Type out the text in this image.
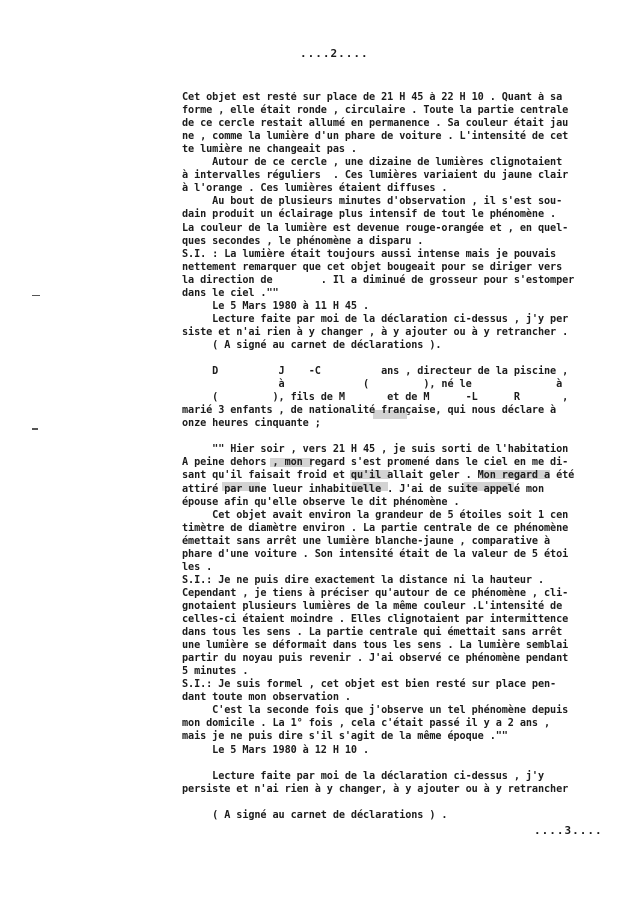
....2....
Cet objet est resté sur place de 21 H 45 à 22 H 10 . Quant à sa
forme , elle était ronde , circulaire . Toute la partie centrale
de ce cercle restait allumé en permanence . Sa couleur était jau
ne , comme la lumière d'un phare de voiture . L'intensité de cet
te lumière ne changeait pas .
Autour de ce cercle , une dizaine de lumières clignotaient
à intervalles réguliers  . Ces lumières variaient du jaune clair
à l'orange . Ces lumières étaient diffuses .
Au bout de plusieurs minutes d'observation , il s'est sou-
dain produit un éclairage plus intensif de tout le phénomène .
La couleur de la lumière est devenue rouge-orangée et , en quel-
ques secondes , le phénomène a disparu .
S.I. : La lumière était toujours aussi intense mais je pouvais
nettement remarquer que cet objet bougeait pour se diriger vers
la direction de        . Il a diminué de grosseur pour s'estomper
dans le ciel .""
Le 5 Mars 1980 à 11 H 45 .
Lecture faite par moi de la déclaration ci-dessus , j'y per
siste et n'ai rien à y changer , à y ajouter ou à y retrancher .
( A signé au carnet de déclarations ).
D          J    -C          ans , directeur de la piscine ,
à             (         ), né le              à
(         ), fils de M       et de M      -L      R       ,
marié 3 enfants , de nationalité française, qui nous déclare à
onze heures cinquante ;
"" Hier soir , vers 21 H 45 , je suis sorti de l'habitation
A peine dehors , mon regard s'est promené dans le ciel en me di-
sant qu'il faisait froid et qu'il allait geler . Mon regard a été
attiré par une lueur inhabituelle . J'ai de suite appelé mon
épouse afin qu'elle observe le dit phénomène .
Cet objet avait environ la grandeur de 5 étoiles soit 1 cen
timètre de diamètre environ . La partie centrale de ce phénomène
émettait sans arrêt une lumière blanche-jaune , comparative à
phare d'une voiture . Son intensité était de la valeur de 5 étoi
les .
S.I.: Je ne puis dire exactement la distance ni la hauteur .
Cependant , je tiens à préciser qu'autour de ce phénomène , cli-
gnotaient plusieurs lumières de la même couleur .L'intensité de
celles-ci étaient moindre . Elles clignotaient par intermittence
dans tous les sens . La partie centrale qui émettait sans arrêt
une lumière se déformait dans tous les sens . La lumière semblai
partir du noyau puis revenir . J'ai observé ce phénomène pendant
5 minutes .
S.I.: Je suis formel , cet objet est bien resté sur place pen-
dant toute mon observation .
C'est la seconde fois que j'observe un tel phénomène depuis
mon domicile . La 1° fois , cela c'était passé il y a 2 ans ,
mais je ne puis dire s'il s'agit de la même époque .""
Le 5 Mars 1980 à 12 H 10 .
Lecture faite par moi de la déclaration ci-dessus , j'y
persiste et n'ai rien à y changer, à y ajouter ou à y retrancher
( A signé au carnet de déclarations ) .
....3....
